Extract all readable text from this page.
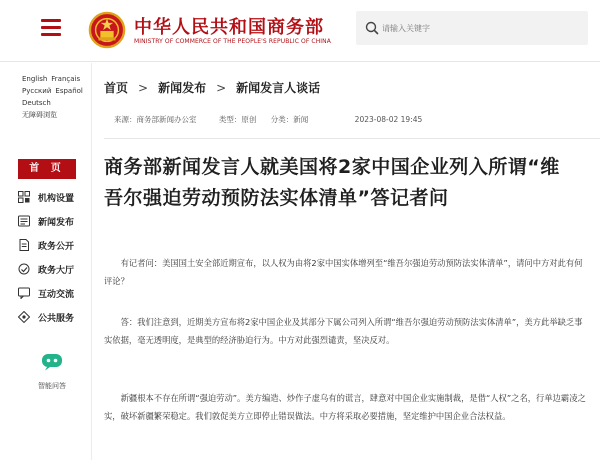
中华人民共和国商务部
MINISTRY OF COMMERCE OF THE PEOPLE'S REPUBLIC OF CHINA
请输入关键字
English Français
Русский Español
Deutsch
无障碍浏览
首 页
机构设置
新闻发布
政务公开
政务大厅
互动交流
公共服务
智能问答
首页 > 新闻发布 > 新闻发言人谈话
来源：商务部新闻办公室	类型：原创 分类：新闻	2023-08-02 19:45
商务部新闻发言人就美国将2家中国企业列入所谓“维吾尔强迫劳动预防法实体清单”答记者问

有记者问：美国国土安全部近期宣布，以人权为由将2家中国实体增列至“维吾尔强迫劳动预防法实体清单”，请问中方对此有何评论？

答：我们注意到，近期美方宣布将2家中国企业及其部分下属公司列入所谓“维吾尔强迫劳动预防法实体清单”，美方此举缺乏事实依据，毫无透明度，是典型的经济胁迫行为。中方对此强烈谴责，坚决反对。

新疆根本不存在所谓“强迫劳动”。美方编造、炒作子虚乌有的谎言，肆意对中国企业实施制裁，是借“人权”之名，行单边霸凌之实，破坏新疆繁荣稳定。我们敦促美方立即停止错误做法。中方将采取必要措施，坚定维护中国企业合法权益。
